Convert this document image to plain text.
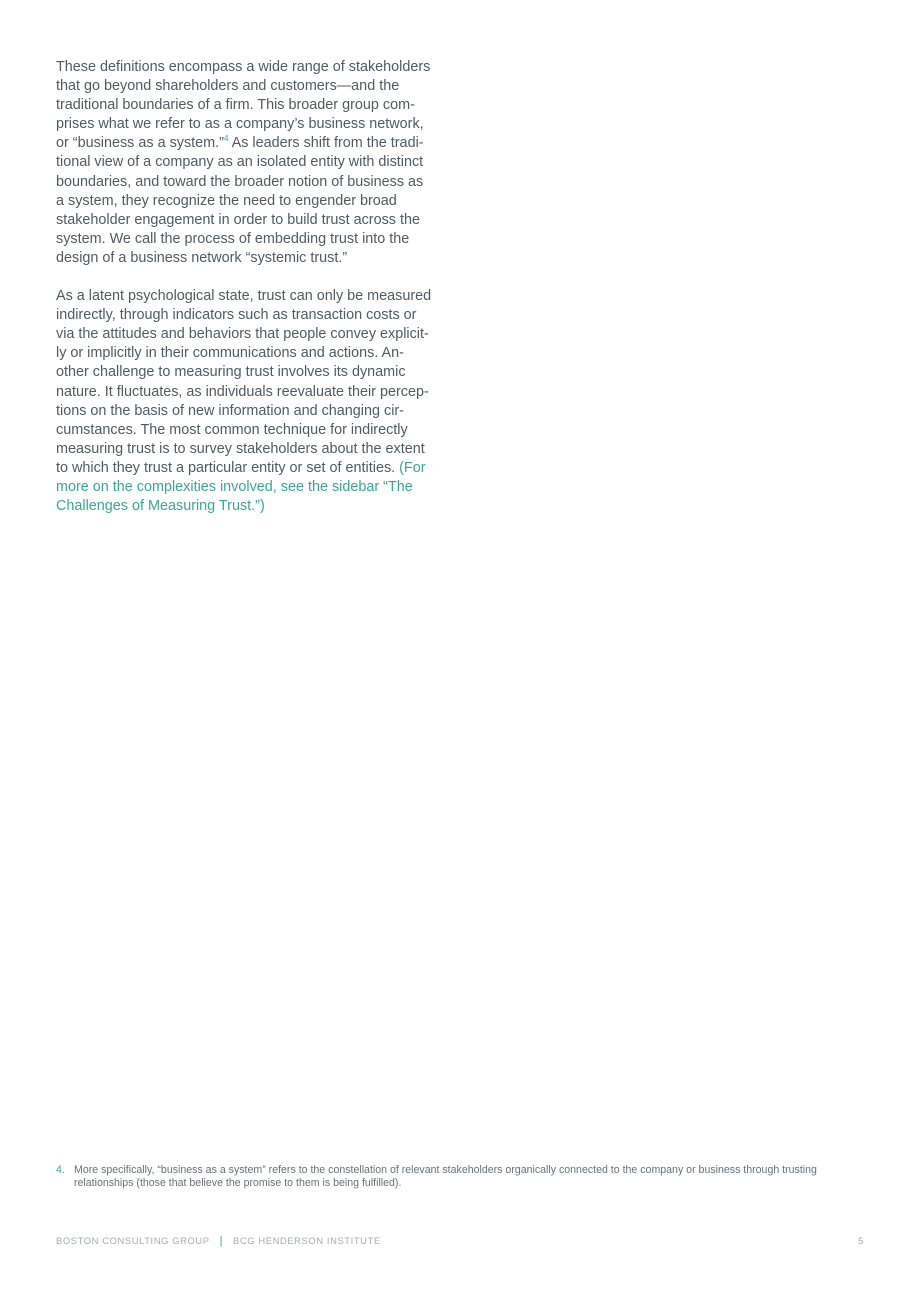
These definitions encompass a wide range of stakeholders
that go beyond shareholders and customers—and the
traditional boundaries of a firm. This broader group com-
prises what we refer to as a company’s business network,
or “business as a system.”$^4$ As leaders shift from the tradi-
tional view of a company as an isolated entity with distinct
boundaries, and toward the broader notion of business as
a system, they recognize the need to engender broad
stakeholder engagement in order to build trust across the
system. We call the process of embedding trust into the
design of a business network “systemic trust.”

As a latent psychological state, trust can only be measured
indirectly, through indicators such as transaction costs or
via the attitudes and behaviors that people convey explicit-
ly or implicitly in their communications and actions. An-
other challenge to measuring trust involves its dynamic
nature. It fluctuates, as individuals reevaluate their percep-
tions on the basis of new information and changing cir-
cumstances. The most common technique for indirectly
measuring trust is to survey stakeholders about the extent
to which they trust a particular entity or set of entities. (For
more on the complexities involved, see the sidebar “The
Challenges of Measuring Trust.”)

4. More specifically, “business as a system” refers to the constellation of relevant stakeholders organically connected to the company or business through trusting relationships (those that believe the promise to them is being fulfilled).
BOSTON CONSULTING GROUP | BCG HENDERSON INSTITUTE	5
